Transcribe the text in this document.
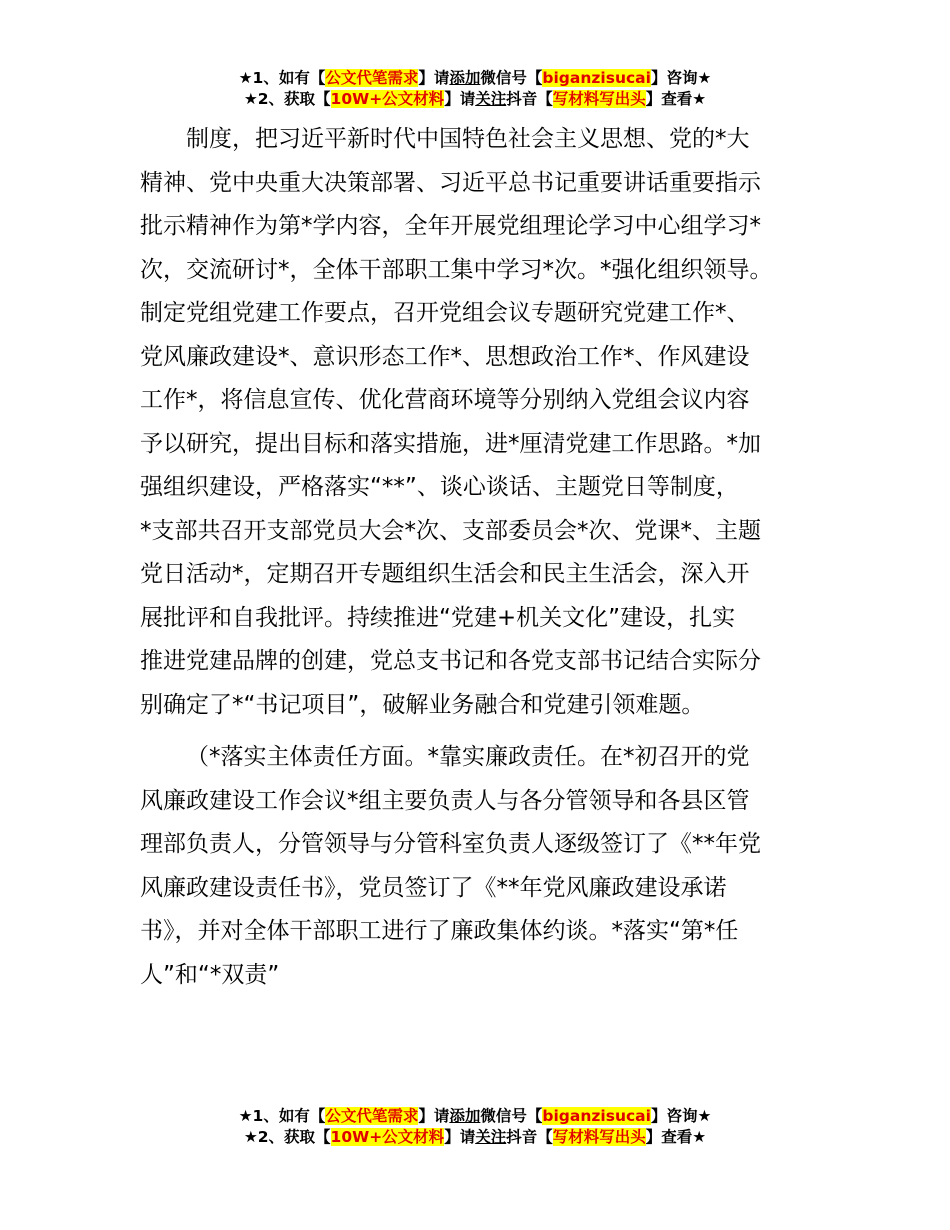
★1、如有【公文代笔需求】请添加微信号【biganzisucai】咨询★
★2、获取【10W+公文材料】请关注抖音【写材料写出头】查看★
制度，把习近平新时代中国特色社会主义思想、党的*大
精神、党中央重大决策部署、习近平总书记重要讲话重要指示
批示精神作为第*学内容，全年开展党组理论学习中心组学习*
次，交流研讨*，全体干部职工集中学习*次。*强化组织领导。
制定党组党建工作要点，召开党组会议专题研究党建工作*、
党风廉政建设*、意识形态工作*、思想政治工作*、作风建设
工作*，将信息宣传、优化营商环境等分别纳入党组会议内容
予以研究，提出目标和落实措施，进*厘清党建工作思路。*加
强组织建设，严格落实“**”、谈心谈话、主题党日等制度，
*支部共召开支部党员大会*次、支部委员会*次、党课*、主题
党日活动*，定期召开专题组织生活会和民主生活会，深入开
展批评和自我批评。持续推进“党建+机关文化”建设，扎实
推进党建品牌的创建，党总支书记和各党支部书记结合实际分
别确定了*“书记项目”，破解业务融合和党建引领难题。
（*落实主体责任方面。*靠实廉政责任。在*初召开的党
风廉政建设工作会议*组主要负责人与各分管领导和各县区管
理部负责人，分管领导与分管科室负责人逐级签订了《**年党
风廉政建设责任书》，党员签订了《**年党风廉政建设承诺
书》，并对全体干部职工进行了廉政集体约谈。*落实“第*任
人”和“*双责”
★1、如有【公文代笔需求】请添加微信号【biganzisucai】咨询★
★2、获取【10W+公文材料】请关注抖音【写材料写出头】查看★
